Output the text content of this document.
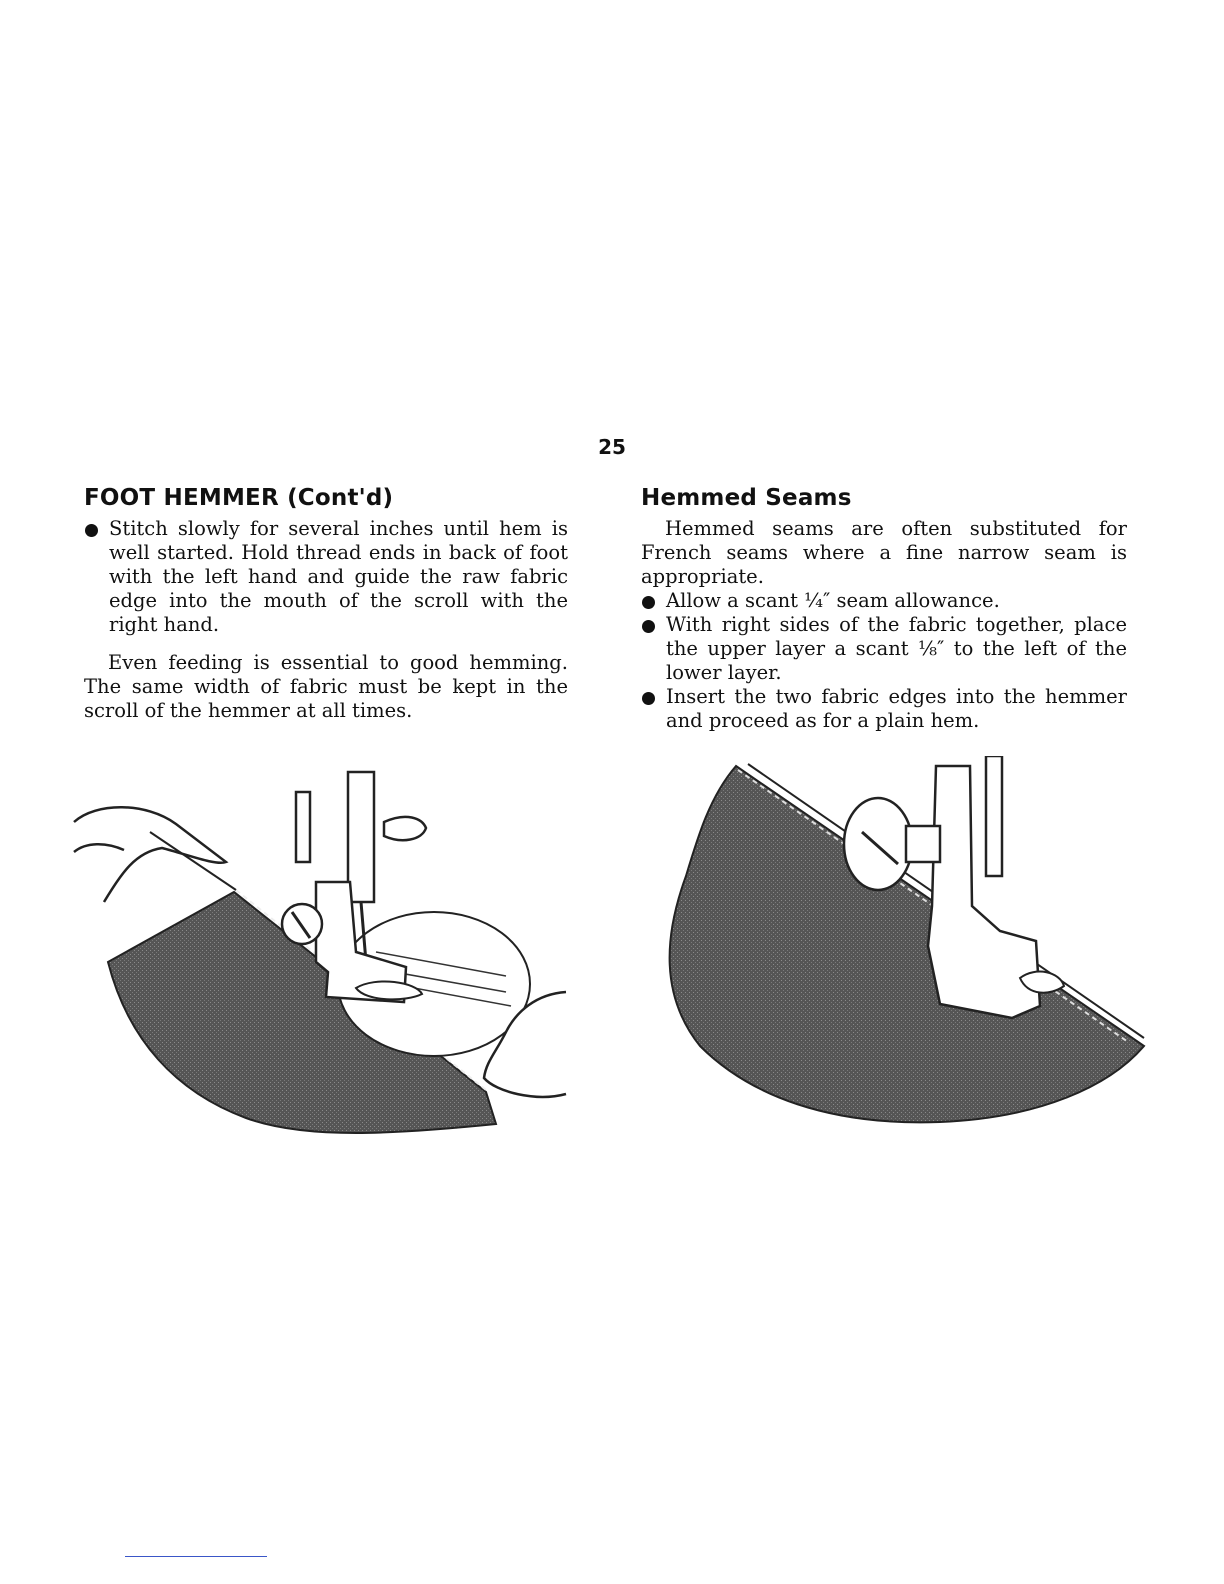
25
FOOT HEMMER (Cont'd)
Stitch slowly for several inches until hem is well started. Hold thread ends in back of foot with the left hand and guide the raw fabric edge into the mouth of the scroll with the right hand.

Even feeding is essential to good hemming. The same width of fabric must be kept in the scroll of the hemmer at all times.

Hemmed Seams

Hemmed seams are often substituted for French seams where a fine narrow seam is appropriate.

Allow a scant ¼″ seam allowance.
With right sides of the fabric together, place the upper layer a scant ⅛″ to the left of the lower layer.
Insert the two fabric edges into the hemmer and proceed as for a plain hem.
